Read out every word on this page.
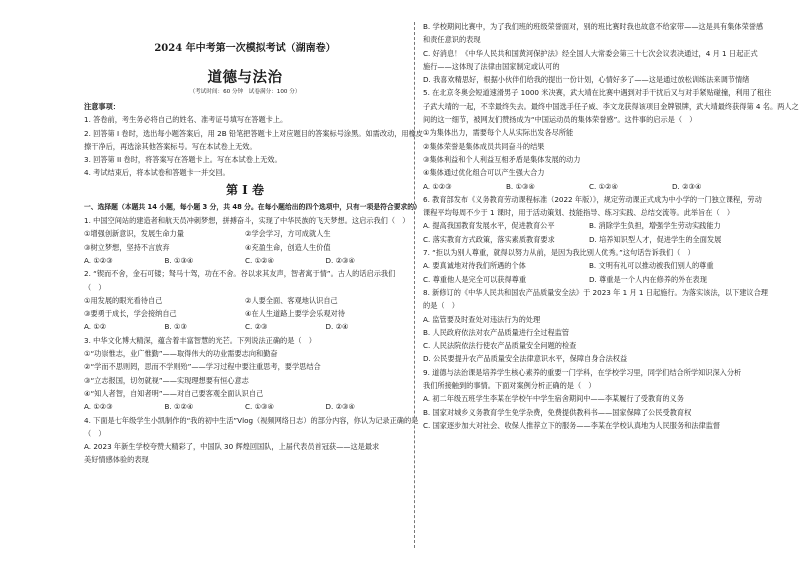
2024 年中考第一次模拟考试（湖南卷）
道德与法治
（考试时间：60 分钟　试卷满分：100 分）
注意事项：
1. 答卷前，考生务必将自己的姓名、准考证号填写在答题卡上。
2. 回答第 I 卷时，选出每小题答案后，用 2B 铅笔把答题卡上对应题目的答案标号涂黑。如需改动，用橡皮
擦干净后，再选涂其他答案标号。写在本试卷上无效。
3. 回答第 II 卷时，将答案写在答题卡上。写在本试卷上无效。
4. 考试结束后，将本试卷和答题卡一并交回。
第 I 卷
一、选择题（本题共 14 小题，每小题 3 分，共 48 分。在每小题给出的四个选项中，只有一项是符合要求的）
1. 中国空间站的建造者和航天员冲刺梦想，拼搏奋斗，实现了中华民族的飞天梦想。这启示我们（　）
①增强创新意识，发展生命力量	②学会学习，方可成就人生
③树立梦想，坚持不言放弃	④充盈生命，创造人生价值
A. ①②③	B. ①③④	C. ①②④	D. ②③④
2. “锲而不舍，金石可镂；驽马十驾，功在不舍。谷以求其友声，智者寓于情”。古人的话启示我们
（　）
①用发展的眼光看待自己	②人要全面、客观地认识自己
③要勇于成长，学会接纳自己	④在人生道路上要学会乐观对待
A. ①②	B. ①③	C. ②③	D. ②④
3. 中华文化博大精深，蕴含着丰富智慧的光芒。下列说法正确的是（　）
①“功崇惟志，业广惟勤”——取得伟大的功业需要志向和勤奋
②“学而不思则罔，思而不学则殆”——学习过程中要注重思考，要学思结合
③“立志报国，切勿就视”——实现理想要有恒心意志
④“知人者智，自知者明”——对自己要客观全面认识自己
A. ①②③	B. ①②④	C. ①③④	D. ②③④
4. 下面是七年级学生小凯制作的“我的初中生活”Vlog（视频网络日志）的部分内容，你认为记录正确的是
（　）
A. 2023 年新生学校夸赞大精彩了，中国队 30 辉煌回国队，上届代表员首冠获——这是最求
美好情感体验的表现
B. 学校期间比赛中，为了我们班的班级荣誉面对，别的班比赛时我也故意不给家带——这是具有集体荣誉感
和责任意识的表现
C. 好消息！《中华人民共和国黄河保护法》经全国人大常委会第三十七次会议表决通过，4 月 1 日起正式
施行——这体现了法律由国家制定或认可的
D. 我喜欢精思好，根据小伙伴们给我的提出一份计划，心情好多了——这是通过放松训练法来调节情绪
5. 在北京冬奥会短道速滑男子 1000 米决赛，武大靖在比赛中遇到对手干扰后又与对手紧贴碰撞，利用了租往
子武大靖的一起，不幸最终失去。最终中国选手任子威、李文龙获得该项目金牌银牌，武大靖最终获得第 4 名。两人之
间的这一细节，被网友们赞扬成为“中国运动员的集体荣誉感”。这件事的启示是（　）
①为集体出力，需要每个人从实际出发各尽所能
②集体荣誉是集体成员共同奋斗的结果
③集体利益和个人利益互相矛盾是集体发展的动力
④集体通过优化组合可以产生强大合力
A. ①②③	B. ①③④	C. ①②④	D. ②③④
6. 教育部发布《义务教育劳动课程标准（2022 年版）》，规定劳动课正式成为中小学的一门独立课程，劳动
课程平均每周不少于 1 课时，用于活动策划、技能指导、练习实践、总结交流等。此举旨在（　）
A. 提高我国教育发展水平，促进教育公平	B. 消除学生负担，增强学生劳动实践能力
C. 落实教育方式政策，落实素质教育要求	D. 培养知识型人才，促进学生的全面发展
7. “拒以为别人尊重，就得以努力从前，是因为我比别人优秀。”这句话告诉我们（　）
A. 要真诚地对待我们所遇的个体	B. 文明有礼可以推动被我们别人的尊重
C. 尊重他人是完全可以获得尊重	D. 尊重是一个人内在修养的外在表现
8. 新修订的《中华人民共和国农产品质量安全法》于 2023 年 1 月 1 日起施行。为落实该法，以下建议合理
的是（　）
A. 监管要及时查处对违法行为的处理
B. 人民政府依法对农产品质量进行全过程监管
C. 人民法院依法行使农产品质量安全问题的检查
D. 公民要提升农产品质量安全法律意识水平，保障自身合法权益
9. 道德与法治课是培养学生核心素养的重要一门学科，在学校学习里，同学们结合所学知识深入分析
我们所接触到的事情。下面对案例分析正确的是（　）
A. 初二年级五班学生李某在学校午中学生宿舍期间中——李某履行了受教育的义务
B. 国家对城乡义务教育学生免学杂费，免费提供教科书——国家保障了公民受教育权
C. 国家逐步加大对社会、收保人推荐立下的服务——李某在学校认真地为人民服务和法律监督
